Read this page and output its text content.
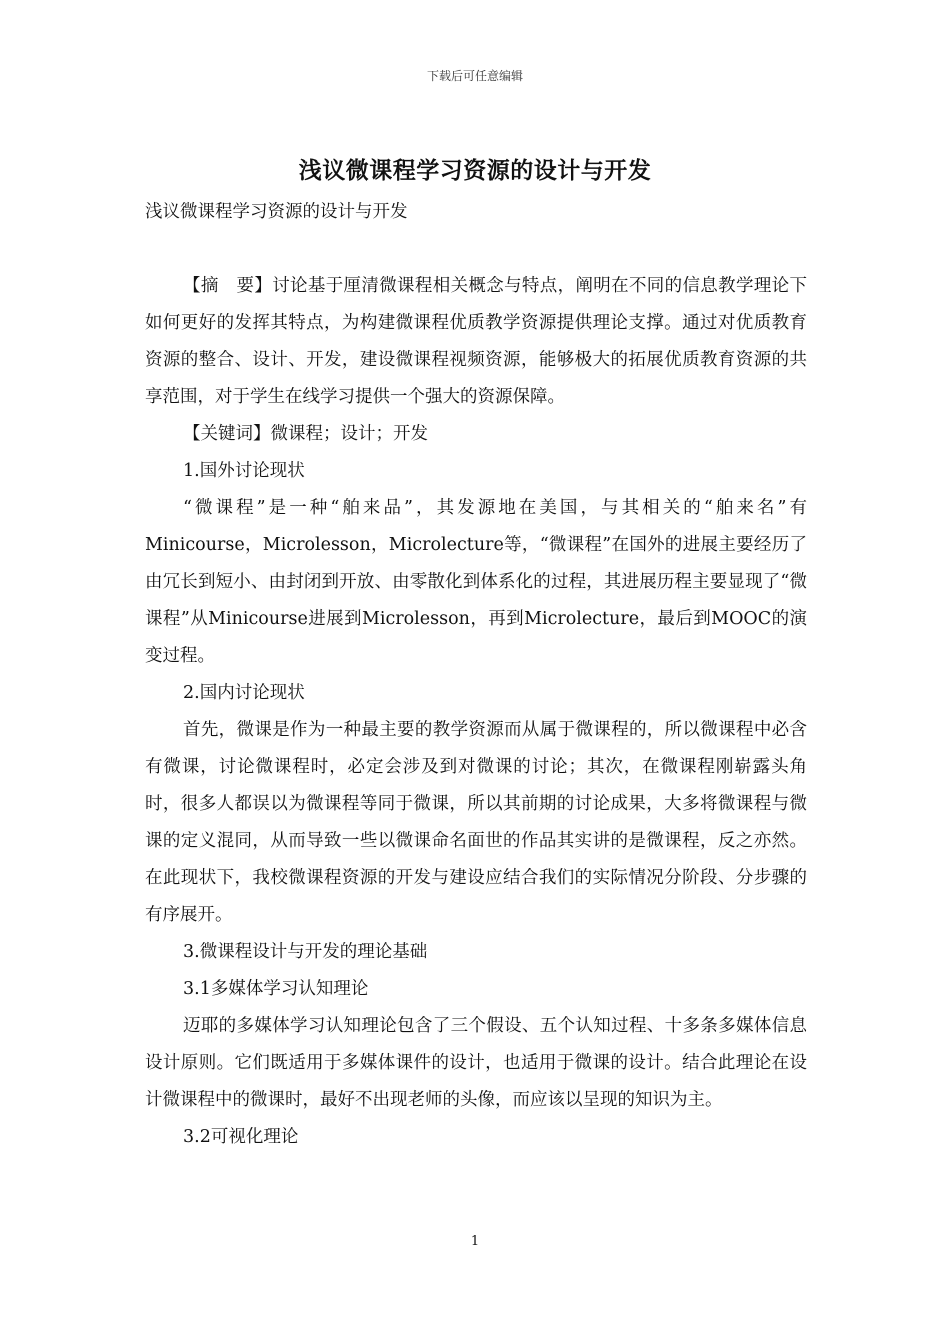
下载后可任意编辑
浅议微课程学习资源的设计与开发
浅议微课程学习资源的设计与开发

【摘　要】讨论基于厘清微课程相关概念与特点，阐明在不同的信息教学理论下如何更好的发挥其特点，为构建微课程优质教学资源提供理论支撑。通过对优质教育资源的整合、设计、开发，建设微课程视频资源，能够极大的拓展优质教育资源的共享范围，对于学生在线学习提供一个强大的资源保障。

【关键词】微课程；设计；开发

1.国外讨论现状

“微课程”是一种“舶来品”，其发源地在美国，与其相关的“舶来名”有Minicourse，Microlesson，Microlecture等，“微课程”在国外的进展主要经历了由冗长到短小、由封闭到开放、由零散化到体系化的过程，其进展历程主要显现了“微课程”从Minicourse进展到Microlesson，再到Microlecture，最后到MOOC的演变过程。

2.国内讨论现状

首先，微课是作为一种最主要的教学资源而从属于微课程的，所以微课程中必含有微课，讨论微课程时，必定会涉及到对微课的讨论；其次，在微课程刚崭露头角时，很多人都误以为微课程等同于微课，所以其前期的讨论成果，大多将微课程与微课的定义混同，从而导致一些以微课命名面世的作品其实讲的是微课程，反之亦然。在此现状下，我校微课程资源的开发与建设应结合我们的实际情况分阶段、分步骤的有序展开。

3.微课程设计与开发的理论基础

3.1多媒体学习认知理论

迈耶的多媒体学习认知理论包含了三个假设、五个认知过程、十多条多媒体信息设计原则。它们既适用于多媒体课件的设计，也适用于微课的设计。结合此理论在设计微课程中的微课时，最好不出现老师的头像，而应该以呈现的知识为主。

3.2可视化理论

1
